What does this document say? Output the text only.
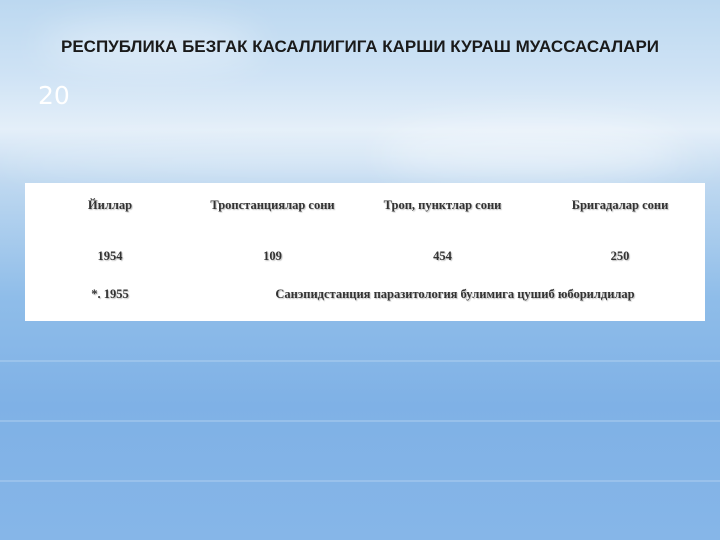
РЕСПУБЛИКА БЕЗГАК КАСАЛЛИГИГА КАРШИ КУРАШ МУАССАСАЛАРИ
20
Йиллар	Тропстанциялар сони	Троп, пунктлар сони	Бригадалар сони
1954	109	454	250
*. 1955	Санэпидстанция паразитология булимига цушиб юборилдилар
